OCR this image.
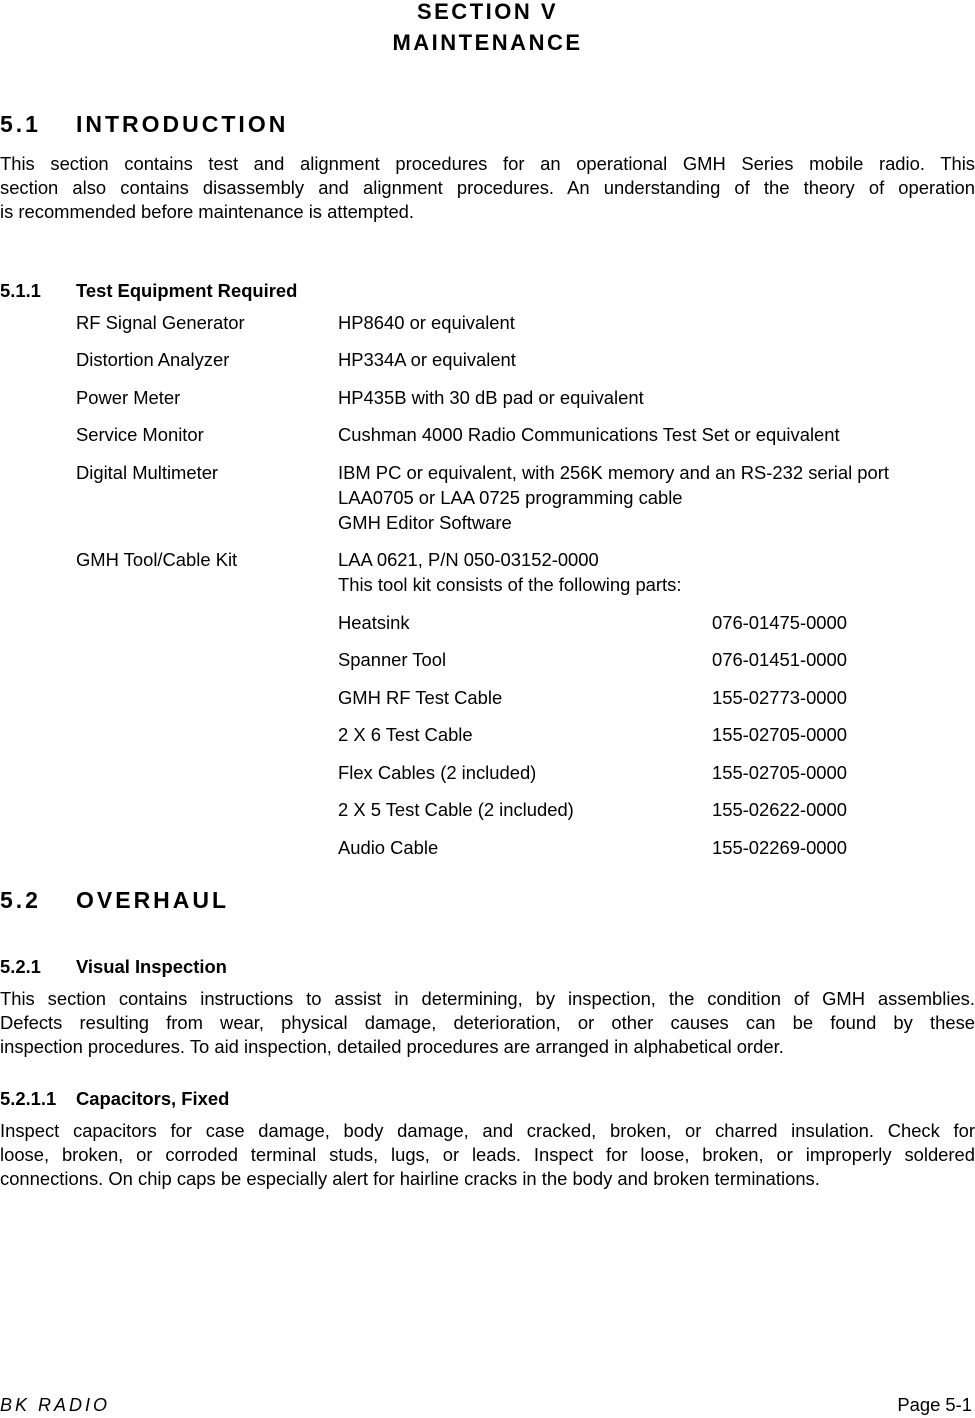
SECTION V
MAINTENANCE
5.1 INTRODUCTION
This section contains test and alignment procedures for an operational GMH Series mobile radio. This
section also contains disassembly and alignment procedures. An understanding of the theory of operation
is recommended before maintenance is attempted.
5.1.1 Test Equipment Required
RF Signal Generator	HP8640 or equivalent
Distortion Analyzer	HP334A or equivalent
Power Meter	HP435B with 30 dB pad or equivalent
Service Monitor	Cushman 4000 Radio Communications Test Set or equivalent
Digital Multimeter	IBM PC or equivalent, with 256K memory and an RS-232 serial port
LAA0705 or LAA 0725 programming cable
GMH Editor Software
GMH Tool/Cable Kit	LAA 0621, P/N 050-03152-0000
This tool kit consists of the following parts:
Heatsink	076-01475-0000
Spanner Tool	076-01451-0000
GMH RF Test Cable	155-02773-0000
2 X 6 Test Cable	155-02705-0000
Flex Cables (2 included)	155-02705-0000
2 X 5 Test Cable (2 included)	155-02622-0000
Audio Cable	155-02269-0000
5.2 OVERHAUL
5.2.1 Visual Inspection
This section contains instructions to assist in determining, by inspection, the condition of GMH assemblies.
Defects resulting from wear, physical damage, deterioration, or other causes can be found by these
inspection procedures. To aid inspection, detailed procedures are arranged in alphabetical order.
5.2.1.1 Capacitors, Fixed
Inspect capacitors for case damage, body damage, and cracked, broken, or charred insulation. Check for
loose, broken, or corroded terminal studs, lugs, or leads. Inspect for loose, broken, or improperly soldered
connections. On chip caps be especially alert for hairline cracks in the body and broken terminations.
BK RADIO	Page 5-1
